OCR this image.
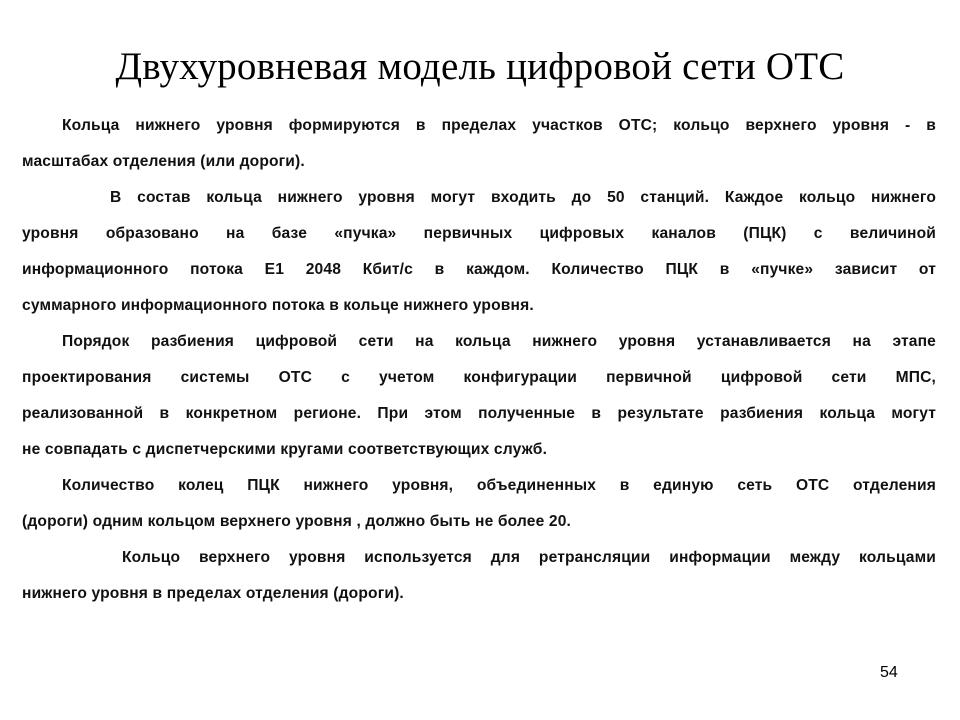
Двухуровневая модель цифровой сети ОТС
Кольца нижнего уровня формируются в пределах участков ОТС; кольцо верхнего уровня - в
масштабах отделения (или дороги).
В состав кольца нижнего уровня могут входить до 50 станций. Каждое кольцо нижнего
уровня образовано на базе «пучка» первичных цифровых каналов (ПЦК) с величиной
информационного потока Е1 2048 Кбит/с в каждом. Количество ПЦК в «пучке» зависит от
суммарного информационного потока в кольце нижнего уровня.
Порядок разбиения цифровой сети на кольца нижнего уровня устанавливается на этапе
проектирования системы ОТС с учетом конфигурации первичной цифровой сети МПС,
реализованной в конкретном регионе. При этом полученные в результате разбиения кольца могут
не совпадать с диспетчерскими кругами соответствующих служб.
Количество колец ПЦК нижнего уровня, объединенных в единую сеть ОТС отделения
(дороги) одним кольцом верхнего уровня , должно быть не более 20.
Кольцо верхнего уровня используется для ретрансляции информации между кольцами
нижнего уровня в пределах отделения (дороги).
54
